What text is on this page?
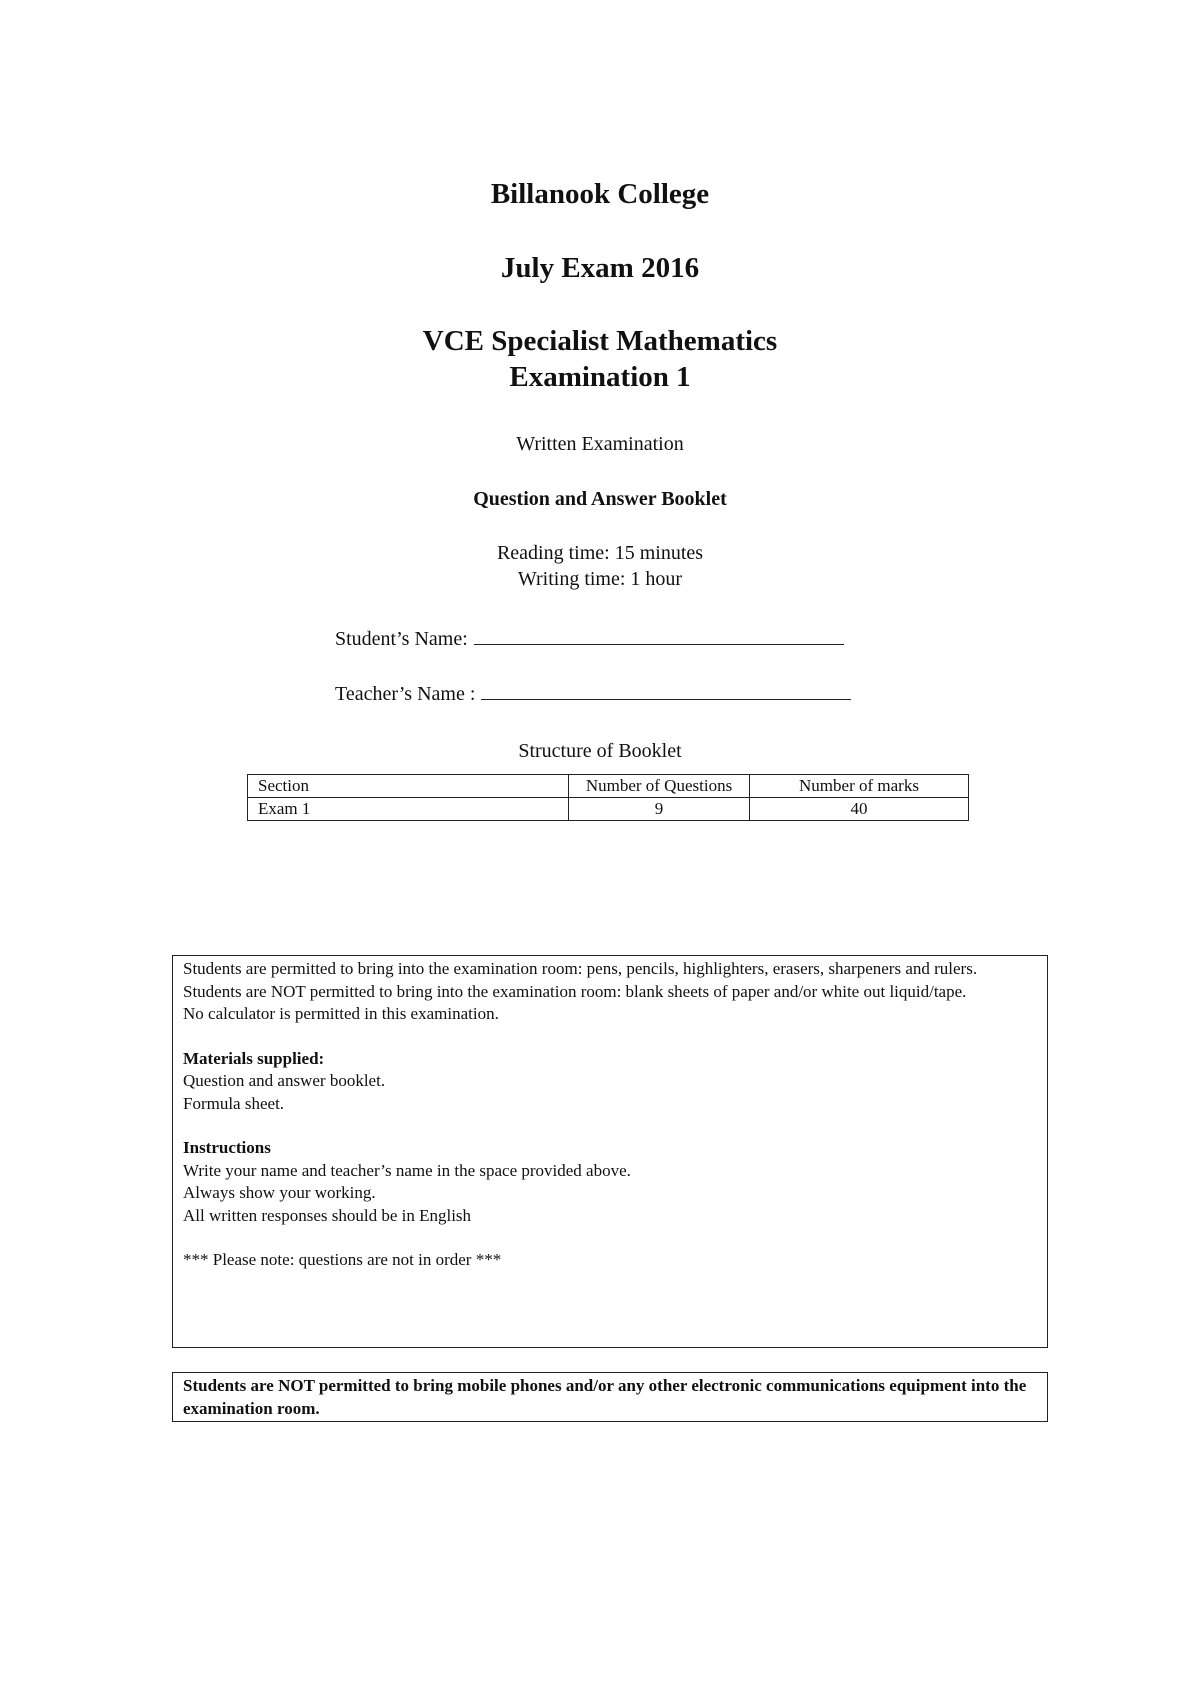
Billanook College
July Exam 2016
VCE Specialist Mathematics
Examination 1
Written Examination
Question and Answer Booklet
Reading time: 15 minutes
Writing time: 1 hour
Student’s Name:
Teacher’s Name :
Structure of Booklet
Section	Number of Questions	Number of marks
Exam 1	9	40

Students are permitted to bring into the examination room: pens, pencils, highlighters, erasers, sharpeners and rulers.

Students are NOT permitted to bring into the examination room: blank sheets of paper and/or white out liquid/tape.

No calculator is permitted in this examination.

Materials supplied:

Question and answer booklet.

Formula sheet.

Instructions

Write your name and teacher’s name in the space provided above.

Always show your working.

All written responses should be in English

*** Please note: questions are not in order ***

Students are NOT permitted to bring mobile phones and/or any other electronic communications equipment into the examination room.
